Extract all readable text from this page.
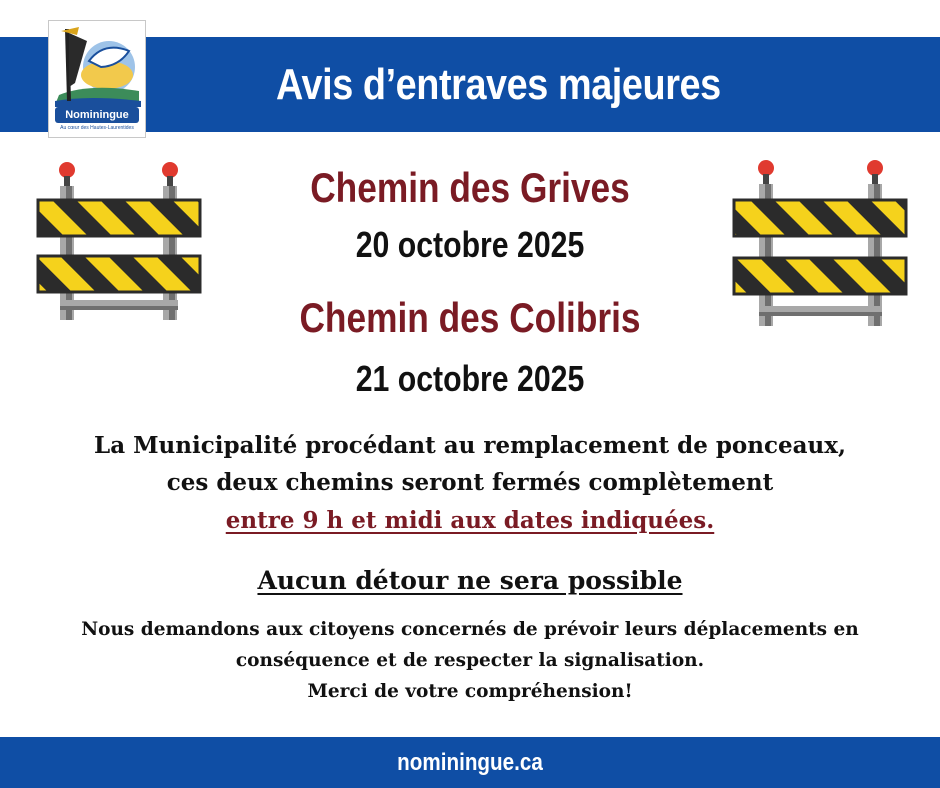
Avis d’entraves majeures
Nominingue
Au cœur des Hautes-Laurentides
Chemin des Grives
20 octobre 2025
Chemin des Colibris
21 octobre 2025
La Municipalité procédant au remplacement de ponceaux,
ces deux chemins seront fermés complètement
entre 9 h et midi aux dates indiquées.
Aucun détour ne sera possible
Nous demandons aux citoyens concernés de prévoir leurs déplacements en
conséquence et de respecter la signalisation.
Merci de votre compréhension!
nominingue.ca
